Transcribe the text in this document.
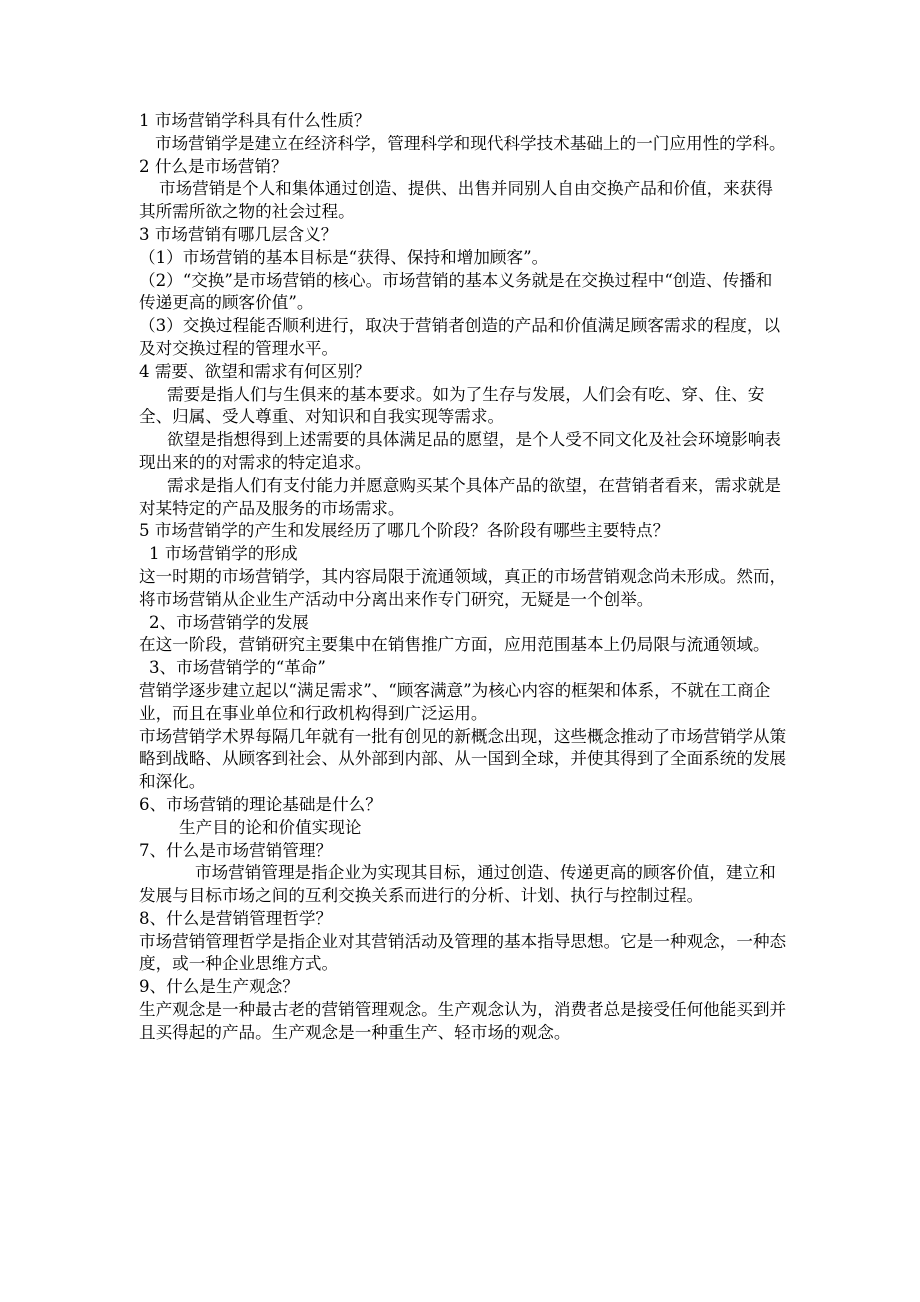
1 市场营销学科具有什么性质？

市场营销学是建立在经济科学，管理科学和现代科学技术基础上的一门应用性的学科。

2 什么是市场营销？

市场营销是个人和集体通过创造、提供、出售并同别人自由交换产品和价值，来获得其所需所欲之物的社会过程。

3 市场营销有哪几层含义？

（1）市场营销的基本目标是“获得、保持和增加顾客”。

（2）“交换”是市场营销的核心。市场营销的基本义务就是在交换过程中“创造、传播和传递更高的顾客价值”。

（3）交换过程能否顺利进行，取决于营销者创造的产品和价值满足顾客需求的程度，以及对交换过程的管理水平。

4 需要、欲望和需求有何区别？

需要是指人们与生俱来的基本要求。如为了生存与发展，人们会有吃、穿、住、安全、归属、受人尊重、对知识和自我实现等需求。

欲望是指想得到上述需要的具体满足品的愿望，是个人受不同文化及社会环境影响表现出来的的对需求的特定追求。

需求是指人们有支付能力并愿意购买某个具体产品的欲望，在营销者看来，需求就是对某特定的产品及服务的市场需求。

5 市场营销学的产生和发展经历了哪几个阶段？各阶段有哪些主要特点？

1 市场营销学的形成

这一时期的市场营销学，其内容局限于流通领域，真正的市场营销观念尚未形成。然而，将市场营销从企业生产活动中分离出来作专门研究，无疑是一个创举。

2、市场营销学的发展

在这一阶段，营销研究主要集中在销售推广方面，应用范围基本上仍局限与流通领域。

3、市场营销学的“革命”

营销学逐步建立起以“满足需求”、“顾客满意”为核心内容的框架和体系，不就在工商企业，而且在事业单位和行政机构得到广泛运用。

市场营销学术界每隔几年就有一批有创见的新概念出现，这些概念推动了市场营销学从策略到战略、从顾客到社会、从外部到内部、从一国到全球，并使其得到了全面系统的发展和深化。

6、市场营销的理论基础是什么？

生产目的论和价值实现论

7、什么是市场营销管理？

市场营销管理是指企业为实现其目标，通过创造、传递更高的顾客价值，建立和发展与目标市场之间的互利交换关系而进行的分析、计划、执行与控制过程。

8、什么是营销管理哲学？

市场营销管理哲学是指企业对其营销活动及管理的基本指导思想。它是一种观念，一种态度，或一种企业思维方式。

9、什么是生产观念？

生产观念是一种最古老的营销管理观念。生产观念认为，消费者总是接受任何他能买到并且买得起的产品。生产观念是一种重生产、轻市场的观念。
